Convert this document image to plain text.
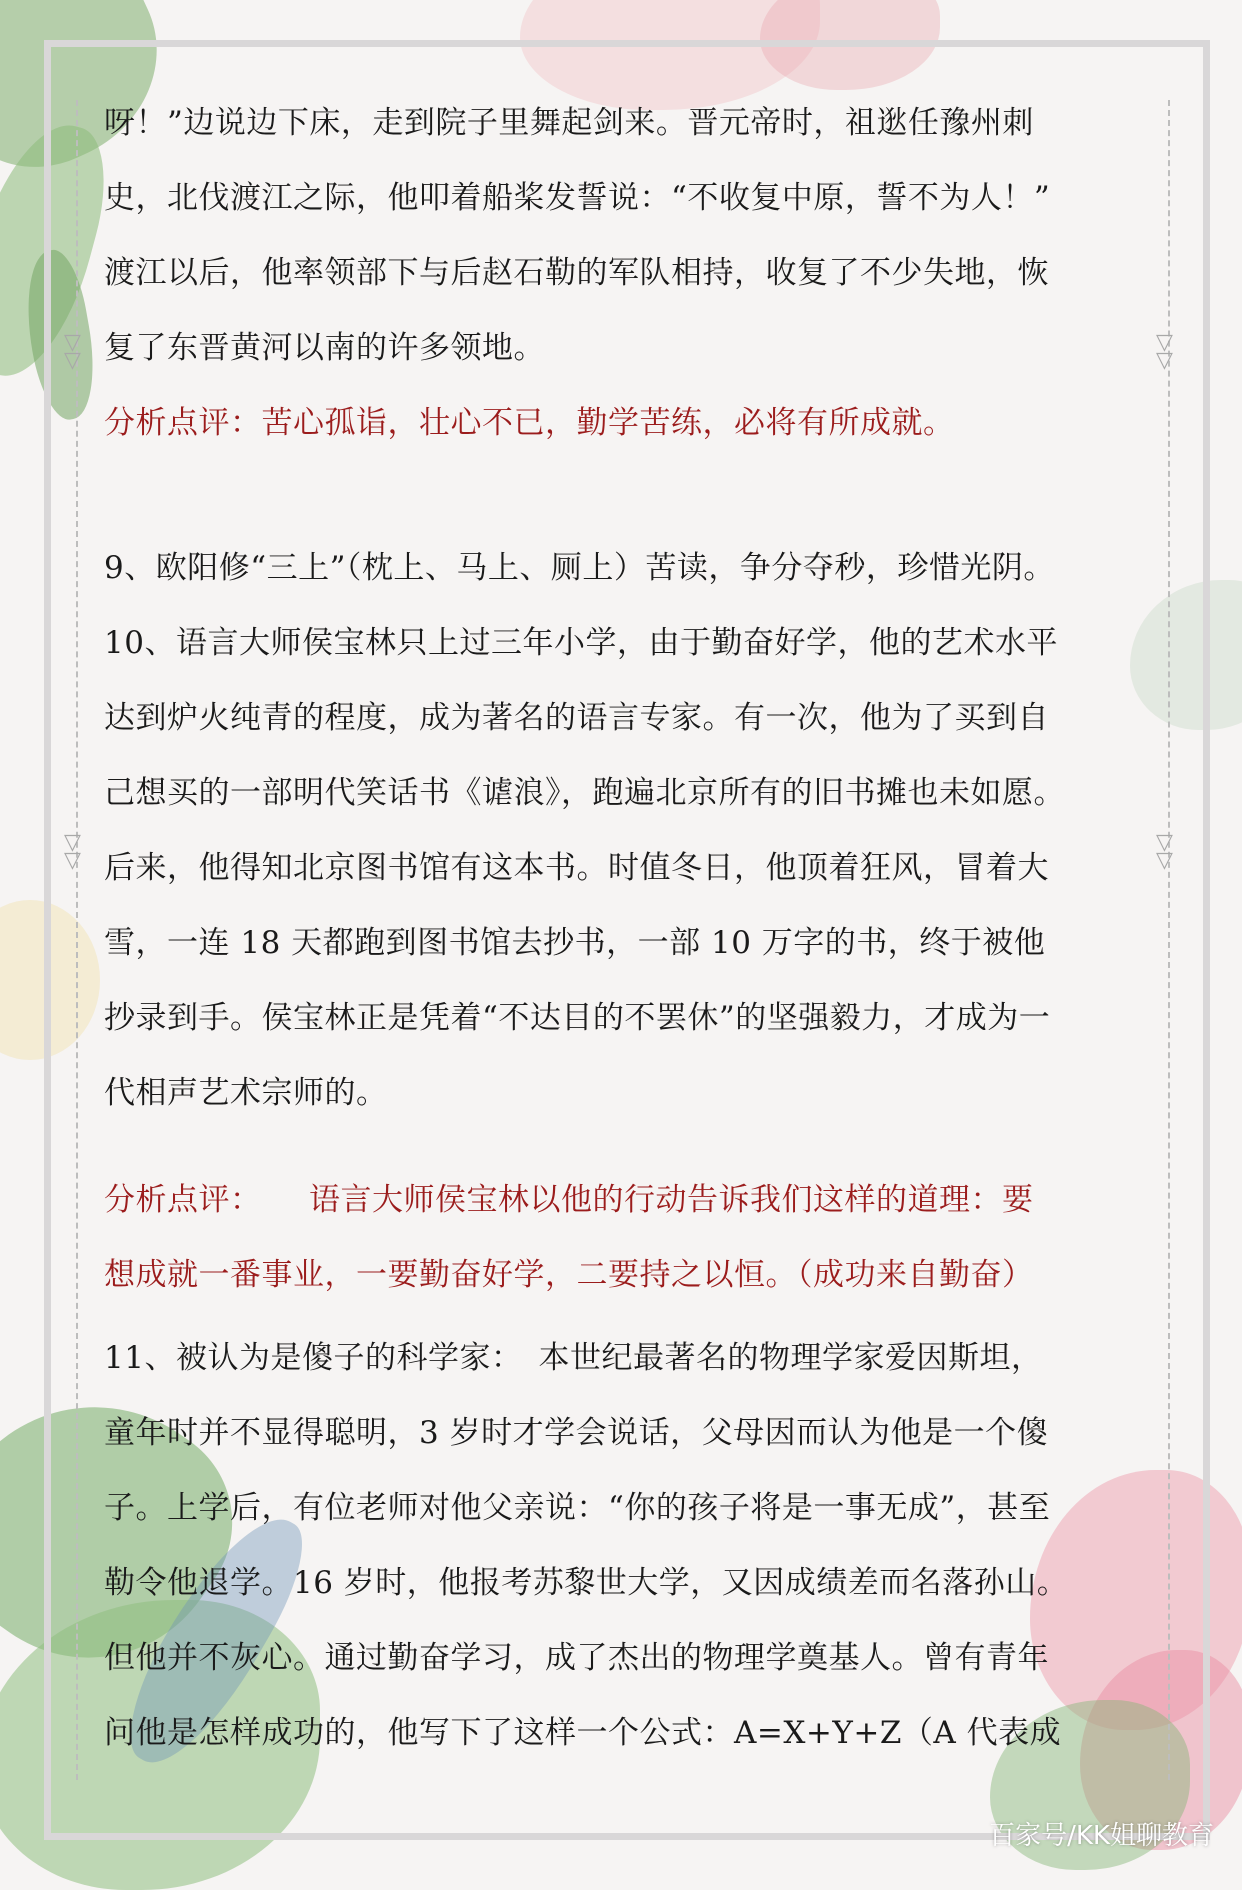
▽
▽
▽
▽
▽
▽
▽
▽
呀！”边说边下床，走到院子里舞起剑来。晋元帝时，祖逖任豫州刺
史，北伐渡江之际，他叩着船桨发誓说：“不收复中原，誓不为人！”
渡江以后，他率领部下与后赵石勒的军队相持，收复了不少失地，恢
复了东晋黄河以南的许多领地。
分析点评：苦心孤诣，壮心不已，勤学苦练，必将有所成就。
9、欧阳修“三上”（枕上、马上、厕上）苦读，争分夺秒，珍惜光阴。
10、语言大师侯宝林只上过三年小学，由于勤奋好学，他的艺术水平
达到炉火纯青的程度，成为著名的语言专家。有一次，他为了买到自
己想买的一部明代笑话书《谑浪》，跑遍北京所有的旧书摊也未如愿。
后来，他得知北京图书馆有这本书。时值冬日，他顶着狂风，冒着大
雪，一连 18 天都跑到图书馆去抄书，一部 10 万字的书，终于被他
抄录到手。侯宝林正是凭着“不达目的不罢休”的坚强毅力，才成为一
代相声艺术宗师的。
分析点评：　　语言大师侯宝林以他的行动告诉我们这样的道理：要
想成就一番事业，一要勤奋好学，二要持之以恒。（成功来自勤奋）
11、被认为是傻子的科学家：　本世纪最著名的物理学家爱因斯坦，
童年时并不显得聪明，3 岁时才学会说话，父母因而认为他是一个傻
子。上学后，有位老师对他父亲说：“你的孩子将是一事无成”，甚至
勒令他退学。16 岁时，他报考苏黎世大学，又因成绩差而名落孙山。
但他并不灰心。通过勤奋学习，成了杰出的物理学奠基人。曾有青年
问他是怎样成功的，他写下了这样一个公式：A=X+Y+Z（A 代表成
百家号/KK姐聊教育
